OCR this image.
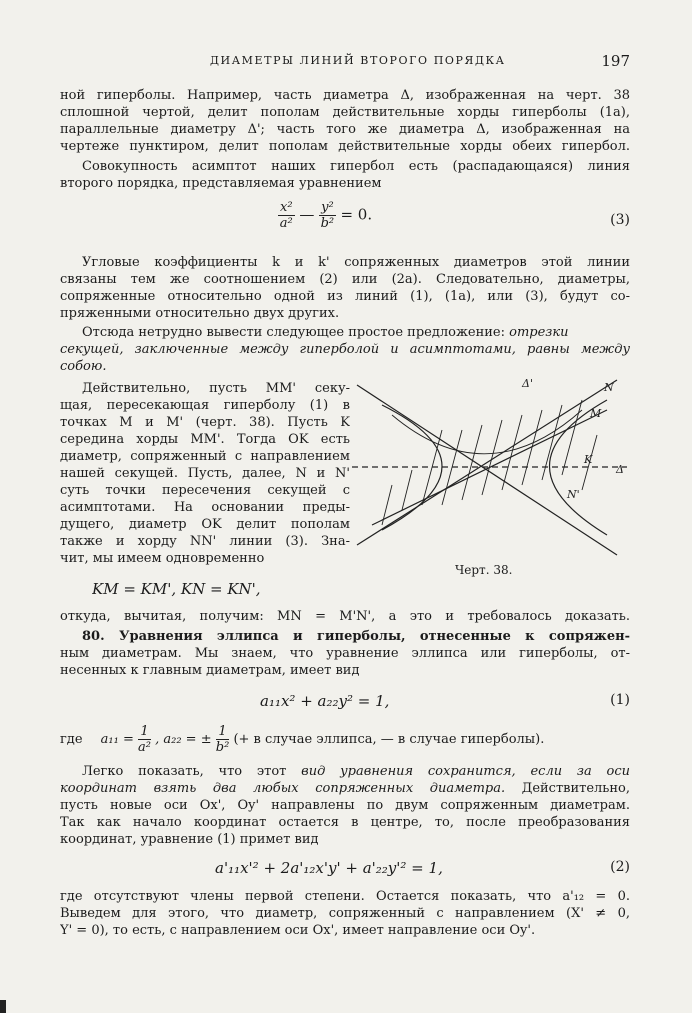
ДИАМЕТРЫ ЛИНИЙ ВТОРОГО ПОРЯДКА	197
ной гиперболы. Например, часть диаметра Δ, изображенная на черт. 38
сплошной чертой, делит пополам действительные хорды гиперболы (1а),
параллельные диаметру Δ'; часть того же диаметра Δ, изображенная на
чертеже пунктиром, делит пополам действительные хорды обеих гипербол.
Совокупность асимптот наших гипербол есть (распадающаяся) линия
второго порядка, представляемая уравнением
$\frac{\text{x²}}{\text{a²}}$ — $\frac{\text{y²}}{\text{b²}} = 0$.	(3)
Угловые коэффициенты k и k' сопряженных диаметров этой линии
связаны тем же соотношением (2) или (2а). Следовательно, диаметры,
сопряженные относительно одной из линий (1), (1а), или (3), будут со-
пряженными относительно двух других.
Отсюда нетрудно вывести следующее простое предложение: отрезки
секущей, заключенные между гиперболой и асимптотами, равны между
собою.
Действительно, пусть MM' секу-
щая, пересекающая гиперболу (1) в
точках M и M' (черт. 38). Пусть K
середина хорды MM'. Тогда OK есть
диаметр, сопряженный с направлением
нашей секущей. Пусть, далее, N и N'
суть точки пересечения секущей с
асимптотами. На основании преды-
дущего, диаметр OK делит пополам
также и хорду NN' линии (3). Зна-
чит, мы имеем одновременно
KM = KM', KN = KN',
откуда, вычитая, получим: MN = M'N', а это и требовалось доказать.
80. Уравнения эллипса и гиперболы, отнесенные к сопряжен-
ным диаметрам. Мы знаем, что уравнение эллипса или гиперболы, от-
несенных к главным диаметрам, имеет вид
a₁₁x² + a₂₂y² = 1,	(1)
где $a_{11} = \frac{1}{\text{a²}}$ , a₂₂ = ± $\frac{1}{\text{b²}}$ (+ в случае эллипса, — в случае гиперболы).
Легко показать, что этот вид уравнения сохранится, если за оси
координат взять два любых сопряженных диаметра. Действительно,
пусть новые оси Ox', Oy' направлены по двум сопряженным диаметрам.
Так как начало координат остается в центре, то, после преобразования
координат, уравнение (1) примет вид
a'₁₁x'² + 2a'₁₂x'y' + a'₂₂y'² = 1,	(2)
где отсутствуют члены первой степени. Остается показать, что a'₁₂ = 0.
Выведем для этого, что диаметр, сопряженный с направлением (X' ≠ 0,
Y' = 0), то есть, с направлением оси Ox', имеет направление оси Oy'.
Δ'	N
M
K
Δ
N'
Черт. 38.
